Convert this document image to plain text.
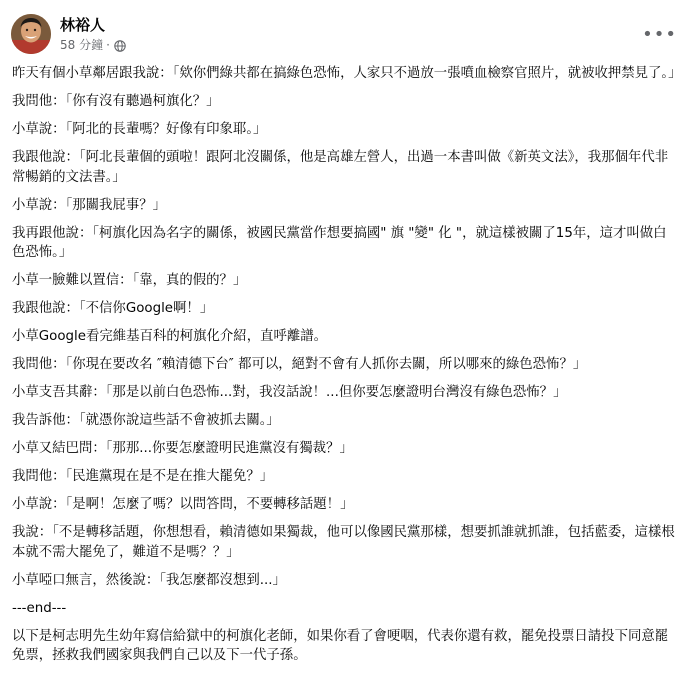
林裕人
58 分鐘 ·	•••

昨天有個小草鄰居跟我說：「欸你們綠共都在搞綠色恐怖，人家只不過放一張噴血檢察官照片，就被收押禁見了。」

我問他：「你有沒有聽過柯旗化？」

小草說：「阿北的長輩嗎？好像有印象耶。」

我跟他說：「阿北長輩個的頭啦！跟阿北沒關係，他是高雄左營人，出過一本書叫做《新英文法》，我那個年代非常暢銷的文法書。」

小草說：「那關我屁事？」

我再跟他說：「柯旗化因為名字的關係，被國民黨當作想要搞國" 旗 "變" 化 "，就這樣被關了15年，這才叫做白色恐怖。」

小草一臉難以置信：「靠，真的假的？」

我跟他說：「不信你Google啊！」

小草Google看完維基百科的柯旗化介紹，直呼離譜。

我問他：「你現在要改名 ″賴清德下台″ 都可以，絕對不會有人抓你去關，所以哪來的綠色恐怖？」

小草支吾其辭：「那是以前白色恐怖...對，我沒話說！...但你要怎麼證明台灣沒有綠色恐怖？」

我告訴他：「就憑你說這些話不會被抓去關。」

小草又結巴問：「那那...你要怎麼證明民進黨沒有獨裁？」

我問他：「民進黨現在是不是在推大罷免？」

小草說：「是啊！怎麼了嗎？以問答問，不要轉移話題！」

我說：「不是轉移話題，你想想看，賴清德如果獨裁，他可以像國民黨那樣，想要抓誰就抓誰，包括藍委，這樣根本就不需大罷免了，難道不是嗎？？」

小草啞口無言，然後說：「我怎麼都沒想到...」

---end---

以下是柯志明先生幼年寫信給獄中的柯旗化老師，如果你看了會哽咽，代表你還有救，罷免投票日請投下同意罷免票，拯救我們國家與我們自己以及下一代子孫。
